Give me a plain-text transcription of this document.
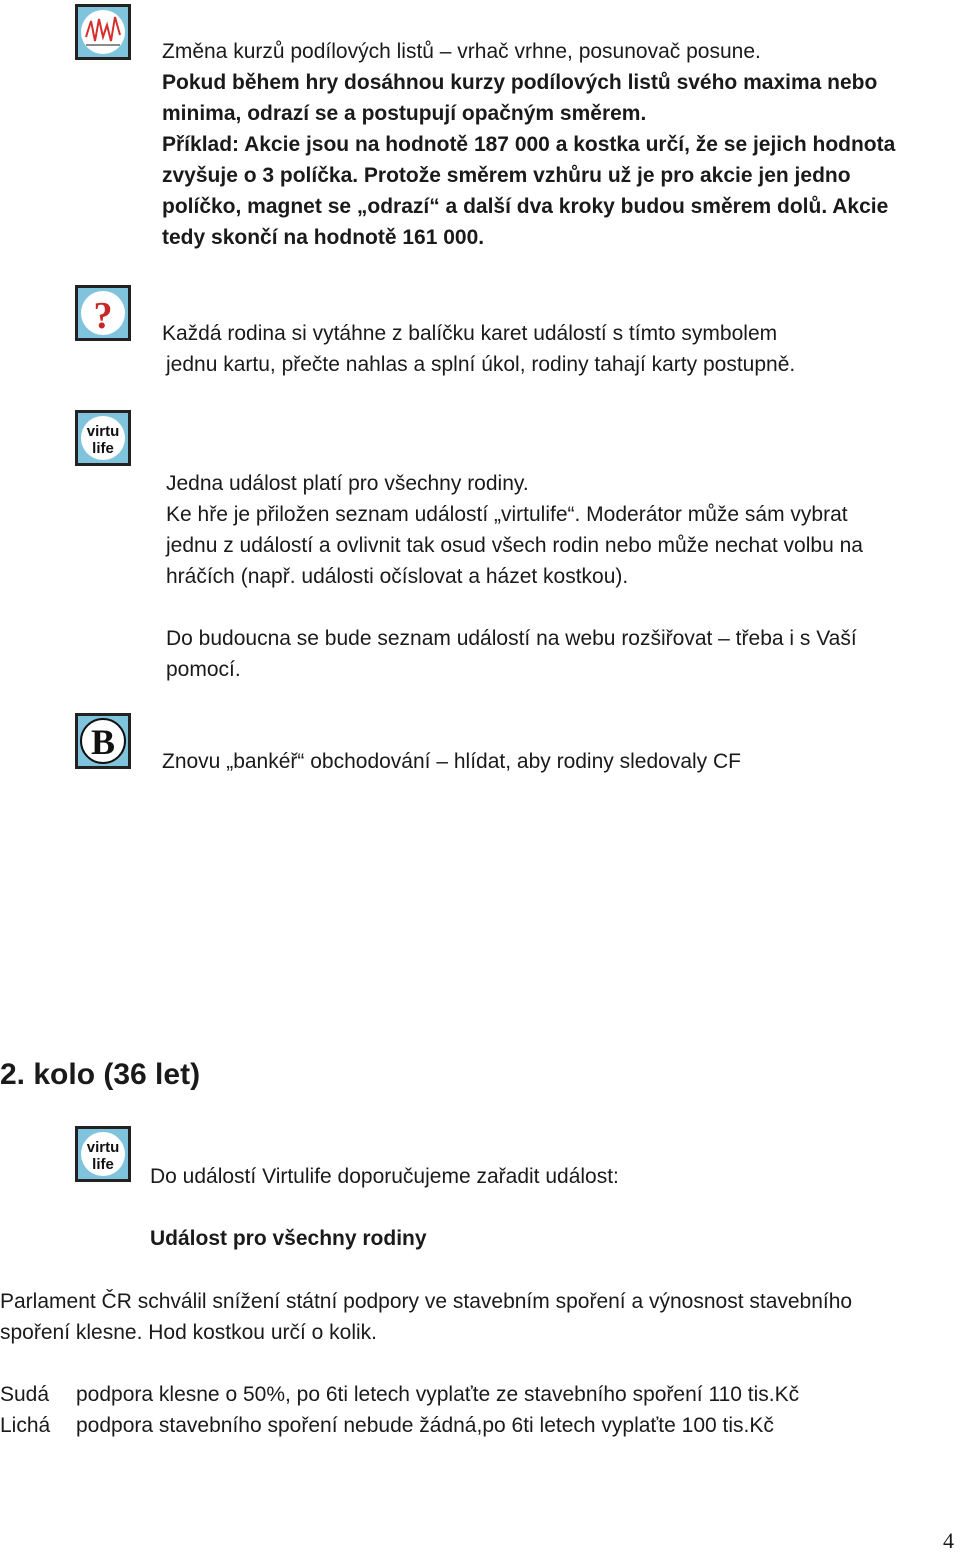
Změna kurzů podílových listů – vrhač vrhne, posunovač posune.

Pokud během hry dosáhnou kurzy podílových listů svého maxima nebo

minima, odrazí se a postupují opačným směrem.

Příklad: Akcie jsou na hodnotě 187 000 a kostka určí, že se jejich hodnota

zvyšuje o 3 políčka. Protože směrem vzhůru už je pro akcie jen jedno

políčko, magnet se „odrazí“ a další dva kroky budou směrem dolů. Akcie

tedy skončí na hodnotě 161 000.

? Každá rodina si vytáhne z balíčku karet událostí s tímto symbolem

jednu kartu, přečte nahlas a splní úkol, rodiny tahají karty postupně.

virtu
life

Jedna událost platí pro všechny rodiny.

Ke hře je přiložen seznam událostí „virtulife“. Moderátor může sám vybrat

jednu z událostí a ovlivnit tak osud všech rodin nebo může nechat volbu na

hráčích (např. události očíslovat a házet kostkou).

Do budoucna se bude seznam událostí na webu rozšiřovat – třeba i s Vaší

pomocí.

B Znovu „bankéř“ obchodování – hlídat, aby rodiny sledovaly CF

2. kolo (36 let)
virtu
life

Do událostí Virtulife doporučujeme zařadit událost:

Událost pro všechny rodiny

Parlament ČR schválil snížení státní podpory ve stavebním spoření a výnosnost stavebního

spoření klesne. Hod kostkou určí o kolik.

Sudá podpora klesne o 50%, po 6ti letech vyplaťte ze stavebního spoření 110 tis.Kč
Lichá podpora stavebního spoření nebude žádná,po 6ti letech vyplaťte 100 tis.Kč
4
